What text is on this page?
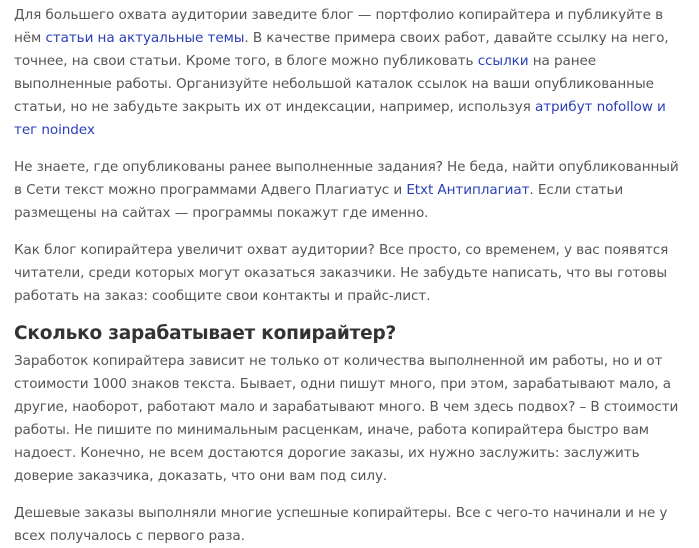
Для большего охвата аудитории заведите блог — портфолио копирайтера и публикуйте в нём статьи на актуальные темы. В качестве примера своих работ, давайте ссылку на него, точнее, на свои статьи. Кроме того, в блоге можно публиковать ссылки на ранее выполненные работы. Организуйте небольшой каталок ссылок на ваши опубликованные статьи, но не забудьте закрыть их от индексации, например, используя атрибут nofollow и тег noindex

Не знаете, где опубликованы ранее выполненные задания? Не беда, найти опубликованный в Сети текст можно программами Адвего Плагиатус и Etxt Антиплагиат. Если статьи размещены на сайтах — программы покажут где именно.

Как блог копирайтера увеличит охват аудитории? Все просто, со временем, у вас появятся читатели, среди которых могут оказаться заказчики. Не забудьте написать, что вы готовы работать на заказ: сообщите свои контакты и прайс-лист.

Сколько зарабатывает копирайтер?

Заработок копирайтера зависит не только от количества выполненной им работы, но и от стоимости 1000 знаков текста. Бывает, одни пишут много, при этом, зарабатывают мало, а другие, наоборот, работают мало и зарабатывают много. В чем здесь подвох? – В стоимости работы. Не пишите по минимальным расценкам, иначе, работа копирайтера быстро вам надоест. Конечно, не всем достаются дорогие заказы, их нужно заслужить: заслужить доверие заказчика, доказать, что они вам под силу.

Дешевые заказы выполняли многие успешные копирайтеры. Все с чего-то начинали и не у всех получалось с первого раза.
